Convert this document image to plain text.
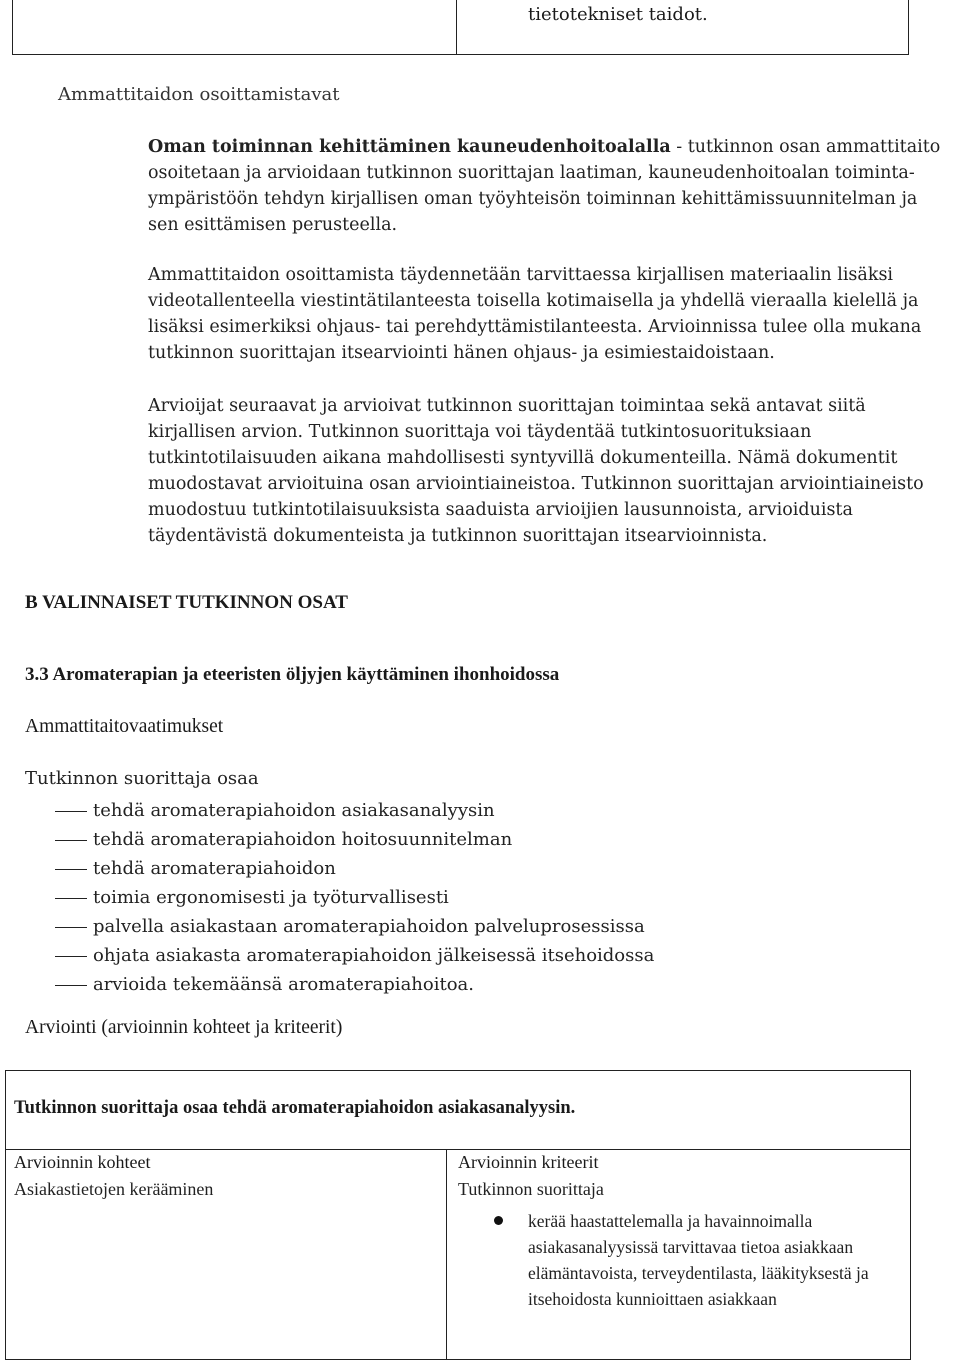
tietotekniset taidot.
Ammattitaidon osoittamistavat

Oman toiminnan kehittäminen kauneudenhoitoalalla - tutkinnon osan ammattitaito osoitetaan ja arvioidaan tutkinnon suorittajan laatiman, kauneudenhoitoalan toiminta-ympäristöön tehdyn kirjallisen oman työyhteisön toiminnan kehittämissuunnitelman ja sen esittämisen perusteella.

Ammattitaidon osoittamista täydennetään tarvittaessa kirjallisen materiaalin lisäksi videotallenteella viestintätilanteesta toisella kotimaisella ja yhdellä vieraalla kielellä ja lisäksi esimerkiksi ohjaus- tai perehdyttämistilanteesta. Arvioinnissa tulee olla mukana tutkinnon suorittajan itsearviointi hänen ohjaus- ja esimiestaidoistaan.

Arvioijat seuraavat ja arvioivat tutkinnon suorittajan toimintaa sekä antavat siitä kirjallisen arvion. Tutkinnon suorittaja voi täydentää tutkintosuorituksiaan tutkintotilaisuuden aikana mahdollisesti syntyvillä dokumenteilla. Nämä dokumentit muodostavat arvioituina osan arviointiaineistoa. Tutkinnon suorittajan arviointiaineisto muodostuu tutkintotilaisuuksista saaduista arvioijien lausunnoista, arvioiduista täydentävistä dokumenteista ja tutkinnon suorittajan itsearvioinnista.

B VALINNAISET TUTKINNON OSAT
3.3 Aromaterapian ja eteeristen öljyjen käyttäminen ihonhoidossa
Ammattitaitovaatimukset
Tutkinnon suorittaja osaa
tehdä aromaterapiahoidon asiakasanalyysin
tehdä aromaterapiahoidon hoitosuunnitelman
tehdä aromaterapiahoidon
toimia ergonomisesti ja työturvallisesti
palvella asiakastaan aromaterapiahoidon palveluprosessissa
ohjata asiakasta aromaterapiahoidon jälkeisessä itsehoidossa
arvioida tekemäänsä aromaterapiahoitoa.
Arviointi (arvioinnin kohteet ja kriteerit)
Tutkinnon suorittaja osaa tehdä aromaterapiahoidon asiakasanalyysin.
Arvioinnin kohteet	Arvioinnin kriteerit
Asiakastietojen kerääminen	Tutkinnon suorittaja
kerää haastattelemalla ja havainnoimalla asiakasanalyysissä tarvittavaa tietoa asiakkaan elämäntavoista, terveydentilasta, lääkityksestä ja itsehoidosta kunnioittaen asiakkaan
